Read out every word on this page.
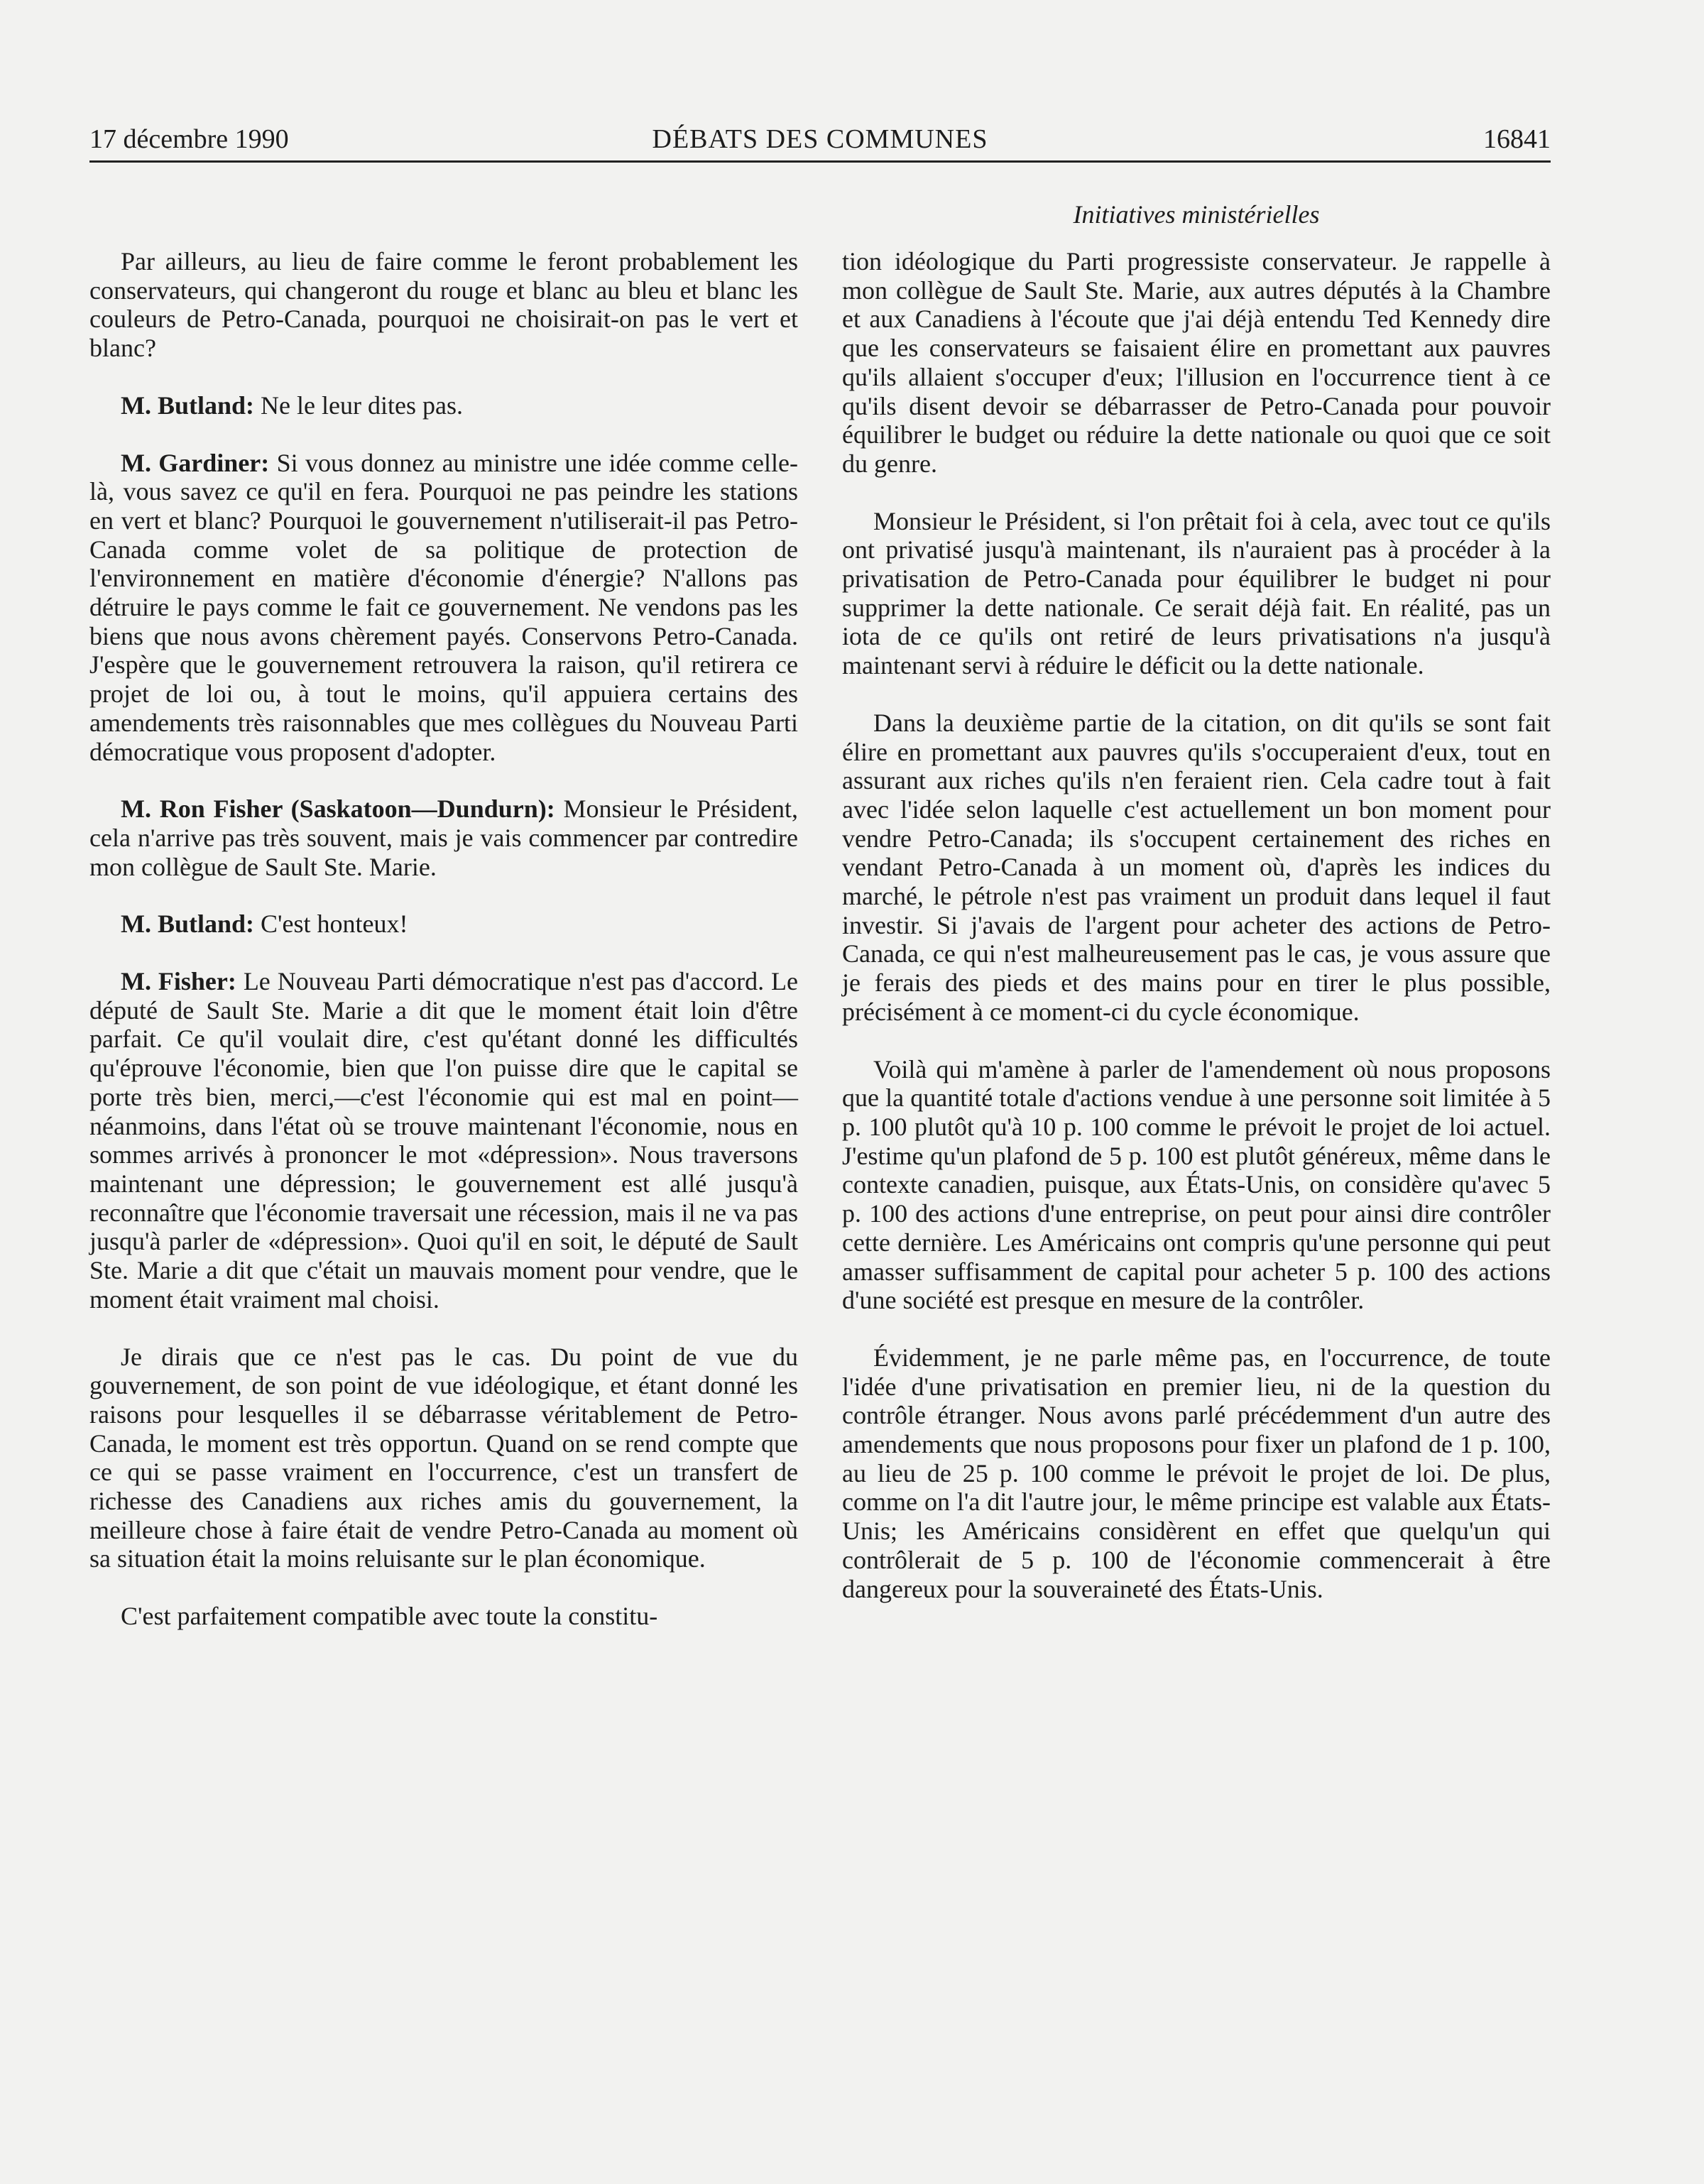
17 décembre 1990	DÉBATS DES COMMUNES	16841
Initiatives ministérielles

Par ailleurs, au lieu de faire comme le feront probablement les conservateurs, qui changeront du rouge et blanc au bleu et blanc les couleurs de Petro-Canada, pourquoi ne choisirait-on pas le vert et blanc?

M. Butland: Ne le leur dites pas.

M. Gardiner: Si vous donnez au ministre une idée comme celle-là, vous savez ce qu'il en fera. Pourquoi ne pas peindre les stations en vert et blanc? Pourquoi le gouvernement n'utiliserait-il pas Petro-Canada comme volet de sa politique de protection de l'environnement en matière d'économie d'énergie? N'allons pas détruire le pays comme le fait ce gouvernement. Ne vendons pas les biens que nous avons chèrement payés. Conservons Petro-Canada. J'espère que le gouvernement retrouvera la raison, qu'il retirera ce projet de loi ou, à tout le moins, qu'il appuiera certains des amendements très raisonnables que mes collègues du Nouveau Parti démocratique vous proposent d'adopter.

M. Ron Fisher (Saskatoon—Dundurn): Monsieur le Président, cela n'arrive pas très souvent, mais je vais commencer par contredire mon collègue de Sault Ste. Marie.

M. Butland: C'est honteux!

M. Fisher: Le Nouveau Parti démocratique n'est pas d'accord. Le député de Sault Ste. Marie a dit que le moment était loin d'être parfait. Ce qu'il voulait dire, c'est qu'étant donné les difficultés qu'éprouve l'économie, bien que l'on puisse dire que le capital se porte très bien, merci,—c'est l'économie qui est mal en point—néanmoins, dans l'état où se trouve maintenant l'économie, nous en sommes arrivés à prononcer le mot «dépression». Nous traversons maintenant une dépression; le gouvernement est allé jusqu'à reconnaître que l'économie traversait une récession, mais il ne va pas jusqu'à parler de «dépression». Quoi qu'il en soit, le député de Sault Ste. Marie a dit que c'était un mauvais moment pour vendre, que le moment était vraiment mal choisi.

Je dirais que ce n'est pas le cas. Du point de vue du gouvernement, de son point de vue idéologique, et étant donné les raisons pour lesquelles il se débarrasse véritablement de Petro-Canada, le moment est très opportun. Quand on se rend compte que ce qui se passe vraiment en l'occurrence, c'est un transfert de richesse des Canadiens aux riches amis du gouvernement, la meilleure chose à faire était de vendre Petro-Canada au moment où sa situation était la moins reluisante sur le plan économique.

C'est parfaitement compatible avec toute la constitu-

tion idéologique du Parti progressiste conservateur. Je rappelle à mon collègue de Sault Ste. Marie, aux autres députés à la Chambre et aux Canadiens à l'écoute que j'ai déjà entendu Ted Kennedy dire que les conservateurs se faisaient élire en promettant aux pauvres qu'ils allaient s'occuper d'eux; l'illusion en l'occurrence tient à ce qu'ils disent devoir se débarrasser de Petro-Canada pour pouvoir équilibrer le budget ou réduire la dette nationale ou quoi que ce soit du genre.

Monsieur le Président, si l'on prêtait foi à cela, avec tout ce qu'ils ont privatisé jusqu'à maintenant, ils n'auraient pas à procéder à la privatisation de Petro-Canada pour équilibrer le budget ni pour supprimer la dette nationale. Ce serait déjà fait. En réalité, pas un iota de ce qu'ils ont retiré de leurs privatisations n'a jusqu'à maintenant servi à réduire le déficit ou la dette nationale.

Dans la deuxième partie de la citation, on dit qu'ils se sont fait élire en promettant aux pauvres qu'ils s'occuperaient d'eux, tout en assurant aux riches qu'ils n'en feraient rien. Cela cadre tout à fait avec l'idée selon laquelle c'est actuellement un bon moment pour vendre Petro-Canada; ils s'occupent certainement des riches en vendant Petro-Canada à un moment où, d'après les indices du marché, le pétrole n'est pas vraiment un produit dans lequel il faut investir. Si j'avais de l'argent pour acheter des actions de Petro-Canada, ce qui n'est malheureusement pas le cas, je vous assure que je ferais des pieds et des mains pour en tirer le plus possible, précisément à ce moment-ci du cycle économique.

Voilà qui m'amène à parler de l'amendement où nous proposons que la quantité totale d'actions vendue à une personne soit limitée à 5 p. 100 plutôt qu'à 10 p. 100 comme le prévoit le projet de loi actuel. J'estime qu'un plafond de 5 p. 100 est plutôt généreux, même dans le contexte canadien, puisque, aux États-Unis, on considère qu'avec 5 p. 100 des actions d'une entreprise, on peut pour ainsi dire contrôler cette dernière. Les Américains ont compris qu'une personne qui peut amasser suffisamment de capital pour acheter 5 p. 100 des actions d'une société est presque en mesure de la contrôler.

Évidemment, je ne parle même pas, en l'occurrence, de toute l'idée d'une privatisation en premier lieu, ni de la question du contrôle étranger. Nous avons parlé précédemment d'un autre des amendements que nous proposons pour fixer un plafond de 1 p. 100, au lieu de 25 p. 100 comme le prévoit le projet de loi. De plus, comme on l'a dit l'autre jour, le même principe est valable aux États-Unis; les Américains considèrent en effet que quelqu'un qui contrôlerait de 5 p. 100 de l'économie commencerait à être dangereux pour la souveraineté des États-Unis.
